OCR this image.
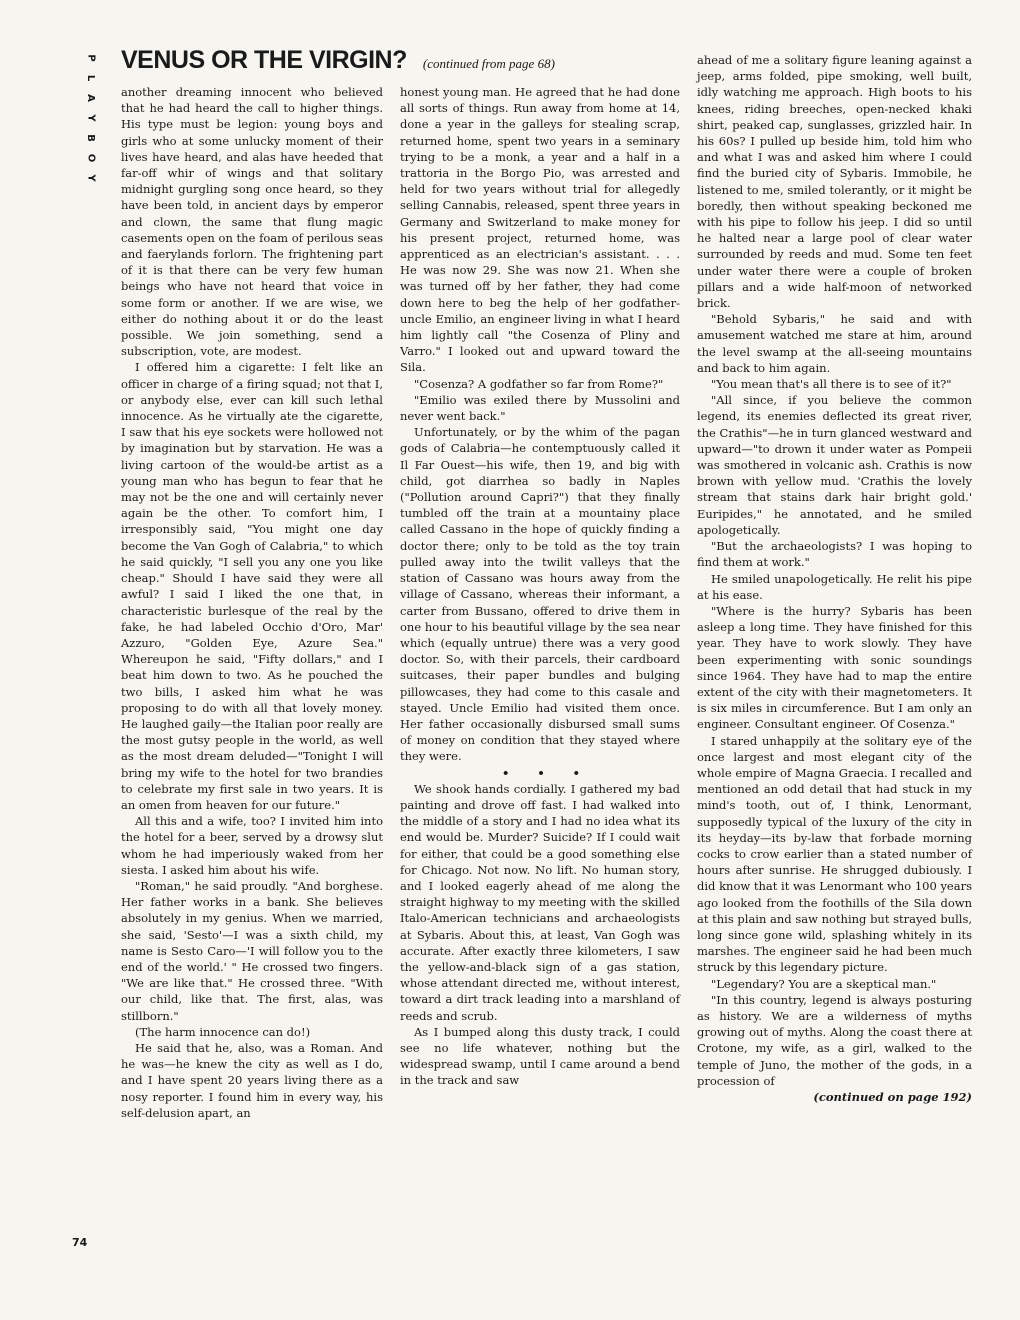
P
L
A
Y
B
O
Y
VENUS OR THE VIRGIN? (continued from page 68)

another dreaming innocent who believed that he had heard the call to higher things. His type must be legion: young boys and girls who at some unlucky moment of their lives have heard, and alas have heeded that far-off whir of wings and that solitary midnight gurgling song once heard, so they have been told, in ancient days by emperor and clown, the same that flung magic casements open on the foam of perilous seas and faerylands forlorn. The frightening part of it is that there can be very few human beings who have not heard that voice in some form or another. If we are wise, we either do nothing about it or do the least possible. We join something, send a subscription, vote, are modest.

I offered him a cigarette: I felt like an officer in charge of a firing squad; not that I, or anybody else, ever can kill such lethal innocence. As he virtually ate the cigarette, I saw that his eye sockets were hollowed not by imagination but by starvation. He was a living cartoon of the would-be artist as a young man who has begun to fear that he may not be the one and will certainly never again be the other. To comfort him, I irresponsibly said, "You might one day become the Van Gogh of Calabria," to which he said quickly, "I sell you any one you like cheap." Should I have said they were all awful? I said I liked the one that, in characteristic burlesque of the real by the fake, he had labeled Occhio d'Oro, Mar' Azzuro, "Golden Eye, Azure Sea." Whereupon he said, "Fifty dollars," and I beat him down to two. As he pouched the two bills, I asked him what he was proposing to do with all that lovely money. He laughed gaily—the Italian poor really are the most gutsy people in the world, as well as the most dream deluded—"Tonight I will bring my wife to the hotel for two brandies to celebrate my first sale in two years. It is an omen from heaven for our future."

All this and a wife, too? I invited him into the hotel for a beer, served by a drowsy slut whom he had imperiously waked from her siesta. I asked him about his wife.

"Roman," he said proudly. "And borghese. Her father works in a bank. She believes absolutely in my genius. When we married, she said, 'Sesto'—I was a sixth child, my name is Sesto Caro—'I will follow you to the end of the world.' " He crossed two fingers. "We are like that." He crossed three. "With our child, like that. The first, alas, was stillborn."

(The harm innocence can do!)

He said that he, also, was a Roman. And he was—he knew the city as well as I do, and I have spent 20 years living there as a nosy reporter. I found him in every way, his self-delusion apart, an

honest young man. He agreed that he had done all sorts of things. Run away from home at 14, done a year in the galleys for stealing scrap, returned home, spent two years in a seminary trying to be a monk, a year and a half in a trattoria in the Borgo Pio, was arrested and held for two years without trial for allegedly selling Cannabis, released, spent three years in Germany and Switzerland to make money for his present project, returned home, was apprenticed as an electrician's assistant. . . . He was now 29. She was now 21. When she was turned off by her father, they had come down here to beg the help of her godfather-uncle Emilio, an engineer living in what I heard him lightly call "the Cosenza of Pliny and Varro." I looked out and upward toward the Sila.

"Cosenza? A godfather so far from Rome?"

"Emilio was exiled there by Mussolini and never went back."

Unfortunately, or by the whim of the pagan gods of Calabria—he contemptuously called it Il Far Ouest—his wife, then 19, and big with child, got diarrhea so badly in Naples ("Pollution around Capri?") that they finally tumbled off the train at a mountainy place called Cassano in the hope of quickly finding a doctor there; only to be told as the toy train pulled away into the twilit valleys that the station of Cassano was hours away from the village of Cassano, whereas their informant, a carter from Bussano, offered to drive them in one hour to his beautiful village by the sea near which (equally untrue) there was a very good doctor. So, with their parcels, their cardboard suitcases, their paper bundles and bulging pillowcases, they had come to this casale and stayed. Uncle Emilio had visited them once. Her father occasionally disbursed small sums of money on condition that they stayed where they were.

• • •

We shook hands cordially. I gathered my bad painting and drove off fast. I had walked into the middle of a story and I had no idea what its end would be. Murder? Suicide? If I could wait for either, that could be a good something else for Chicago. Not now. No lift. No human story, and I looked eagerly ahead of me along the straight highway to my meeting with the skilled Italo-American technicians and archaeologists at Sybaris. About this, at least, Van Gogh was accurate. After exactly three kilometers, I saw the yellow-and-black sign of a gas station, whose attendant directed me, without interest, toward a dirt track leading into a marshland of reeds and scrub.

As I bumped along this dusty track, I could see no life whatever, nothing but the widespread swamp, until I came around a bend in the track and saw

ahead of me a solitary figure leaning against a jeep, arms folded, pipe smoking, well built, idly watching me approach. High boots to his knees, riding breeches, open-necked khaki shirt, peaked cap, sunglasses, grizzled hair. In his 60s? I pulled up beside him, told him who and what I was and asked him where I could find the buried city of Sybaris. Immobile, he listened to me, smiled tolerantly, or it might be boredly, then without speaking beckoned me with his pipe to follow his jeep. I did so until he halted near a large pool of clear water surrounded by reeds and mud. Some ten feet under water there were a couple of broken pillars and a wide half-moon of networked brick.

"Behold Sybaris," he said and with amusement watched me stare at him, around the level swamp at the all-seeing mountains and back to him again.

"You mean that's all there is to see of it?"

"All since, if you believe the common legend, its enemies deflected its great river, the Crathis"—he in turn glanced westward and upward—"to drown it under water as Pompeii was smothered in volcanic ash. Crathis is now brown with yellow mud. 'Crathis the lovely stream that stains dark hair bright gold.' Euripides," he annotated, and he smiled apologetically.

"But the archaeologists? I was hoping to find them at work."

He smiled unapologetically. He relit his pipe at his ease.

"Where is the hurry? Sybaris has been asleep a long time. They have finished for this year. They have to work slowly. They have been experimenting with sonic soundings since 1964. They have had to map the entire extent of the city with their magnetometers. It is six miles in circumference. But I am only an engineer. Consultant engineer. Of Cosenza."

I stared unhappily at the solitary eye of the once largest and most elegant city of the whole empire of Magna Graecia. I recalled and mentioned an odd detail that had stuck in my mind's tooth, out of, I think, Lenormant, supposedly typical of the luxury of the city in its heyday—its by-law that forbade morning cocks to crow earlier than a stated number of hours after sunrise. He shrugged dubiously. I did know that it was Lenormant who 100 years ago looked from the foothills of the Sila down at this plain and saw nothing but strayed bulls, long since gone wild, splashing whitely in its marshes. The engineer said he had been much struck by this legendary picture.

"Legendary? You are a skeptical man."

"In this country, legend is always posturing as history. We are a wilderness of myths growing out of myths. Along the coast there at Crotone, my wife, as a girl, walked to the temple of Juno, the mother of the gods, in a procession of

(continued on page 192)

74
